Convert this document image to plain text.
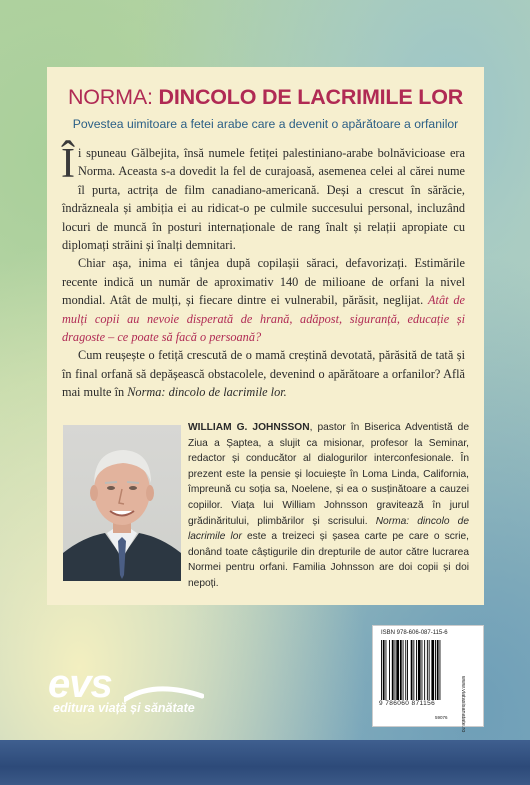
NORMA: DINCOLO DE LACRIMILE LOR
Povestea uimitoare a fetei arabe care a devenit o apărătoare a orfanilor

Îi spuneau Gălbejita, însă numele fetiței palestiniano-arabe bolnăvicioase era Norma. Aceasta s-a dovedit la fel de curajoasă, asemenea celei al cărei nume îl purta, actrița de film canadiano-americană. Deși a crescut în sărăcie, îndrăzneala și ambiția ei au ridicat-o pe culmile succesului personal, incluzând locuri de muncă în posturi internaționale de rang înalt și relații apropiate cu diplomați străini și înalți demnitari.

Chiar așa, inima ei tânjea după copilașii săraci, defavorizați. Estimările recente indică un număr de aproximativ 140 de milioane de orfani la nivel mondial. Atât de mulți, și fiecare dintre ei vulnerabil, părăsit, neglijat. Atât de mulți copii au nevoie disperată de hrană, adăpost, siguranță, educație și dragoste – ce poate să facă o persoană?

Cum reușește o fetiță crescută de o mamă creștină devotată, părăsită de tată și în final orfană să depășească obstacolele, devenind o apărătoare a orfanilor? Află mai multe în Norma: dincolo de lacrimile lor.

WILLIAM G. JOHNSSON, pastor în Biserica Adventistă de Ziua a Șaptea, a slujit ca misionar, profesor la Seminar, redactor și conducător al dialogurilor interconfesionale. În prezent este la pensie și locuiește în Loma Linda, California, împreună cu soția sa, Noelene, și ea o susținătoare a cauzei copiilor. Viața lui William Johnsson gravitează în jurul grădinăritului, plimbărilor și scrisului. Norma: dincolo de lacrimile lor este a treizeci și șasea carte pe care o scrie, donând toate câștigurile din drepturile de autor către lucrarea Normei pentru orfani. Familia Johnsson are doi copii și doi nepoți.
ISBN 978-606-087-115-6
9 786060 871156
59076 www.viatasisanatate.ro
evs
editura viață și sănătate
